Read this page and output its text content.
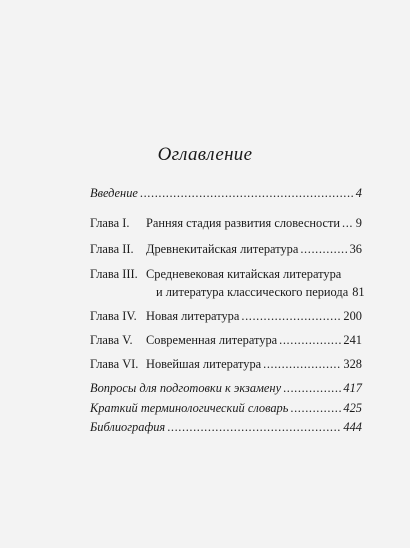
Оглавление
Введение .....	4
Глава I.	Ранняя стадия развития словесности ..... 9
Глава II.	Древнекитайская литература .....	36
Глава III. Средневековая китайская литература
и литература классического периода 81
Глава IV. Новая литература .....	200
Глава V.	Современная литература .....	241
Глава VI. Новейшая литература .....	328
Вопросы для подготовки к экзамену .....	417
Краткий терминологический словарь .....	425
Библиография .....	444
